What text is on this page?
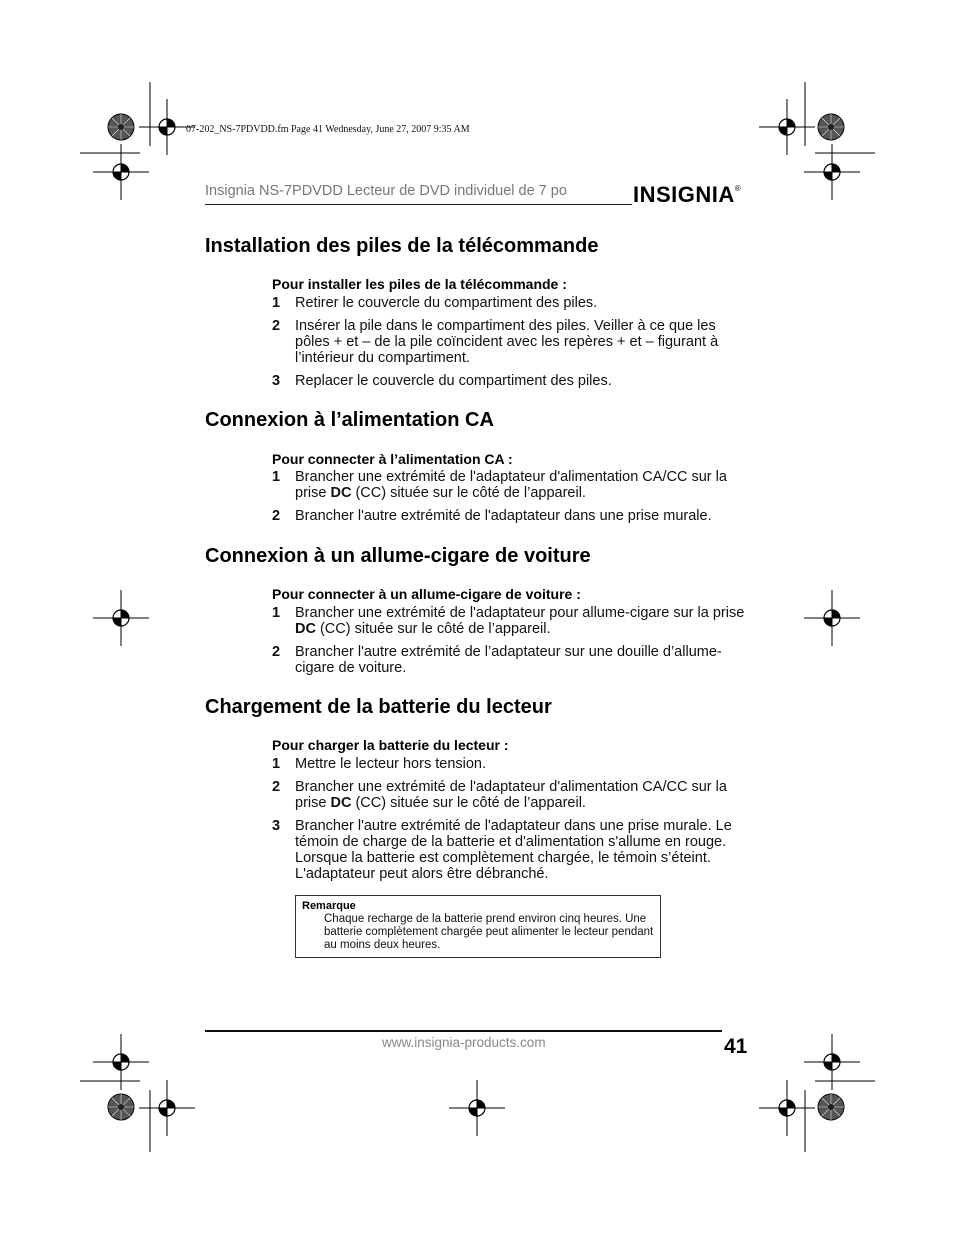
07-202_NS-7PDVDD.fm Page 41 Wednesday, June 27, 2007 9:35 AM
Insignia NS-7PDVDD Lecteur de DVD individuel de 7 po	INSIGNIA®
Installation des piles de la télécommande
Pour installer les piles de la télécommande :
1 Retirer le couvercle du compartiment des piles.
2 Insérer la pile dans le compartiment des piles. Veiller à ce que les pôles + et – de la pile coïncident avec les repères + et – figurant à l’intérieur du compartiment.
3 Replacer le couvercle du compartiment des piles.
Connexion à l’alimentation CA
Pour connecter à l’alimentation CA :
1 Brancher une extrémité de l'adaptateur d'alimentation CA/CC sur la prise DC (CC) située sur le côté de l’appareil.
2 Brancher l'autre extrémité de l'adaptateur dans une prise murale.
Connexion à un allume-cigare de voiture
Pour connecter à un allume-cigare de voiture :
1 Brancher une extrémité de l'adaptateur pour allume-cigare sur la prise DC (CC) située sur le côté de l’appareil.
2 Brancher l'autre extrémité de l’adaptateur sur une douille d’allume-cigare de voiture.
Chargement de la batterie du lecteur
Pour charger la batterie du lecteur :
1 Mettre le lecteur hors tension.
2 Brancher une extrémité de l'adaptateur d'alimentation CA/CC sur la prise DC (CC) située sur le côté de l’appareil.
3 Brancher l'autre extrémité de l'adaptateur dans une prise murale. Le témoin de charge de la batterie et d'alimentation s'allume en rouge. Lorsque la batterie est complètement chargée, le témoin s’éteint. L'adaptateur peut alors être débranché.
Remarque
Chaque recharge de la batterie prend environ cinq heures. Une batterie complètement chargée peut alimenter le lecteur pendant au moins deux heures.
www.insignia-products.com	41
